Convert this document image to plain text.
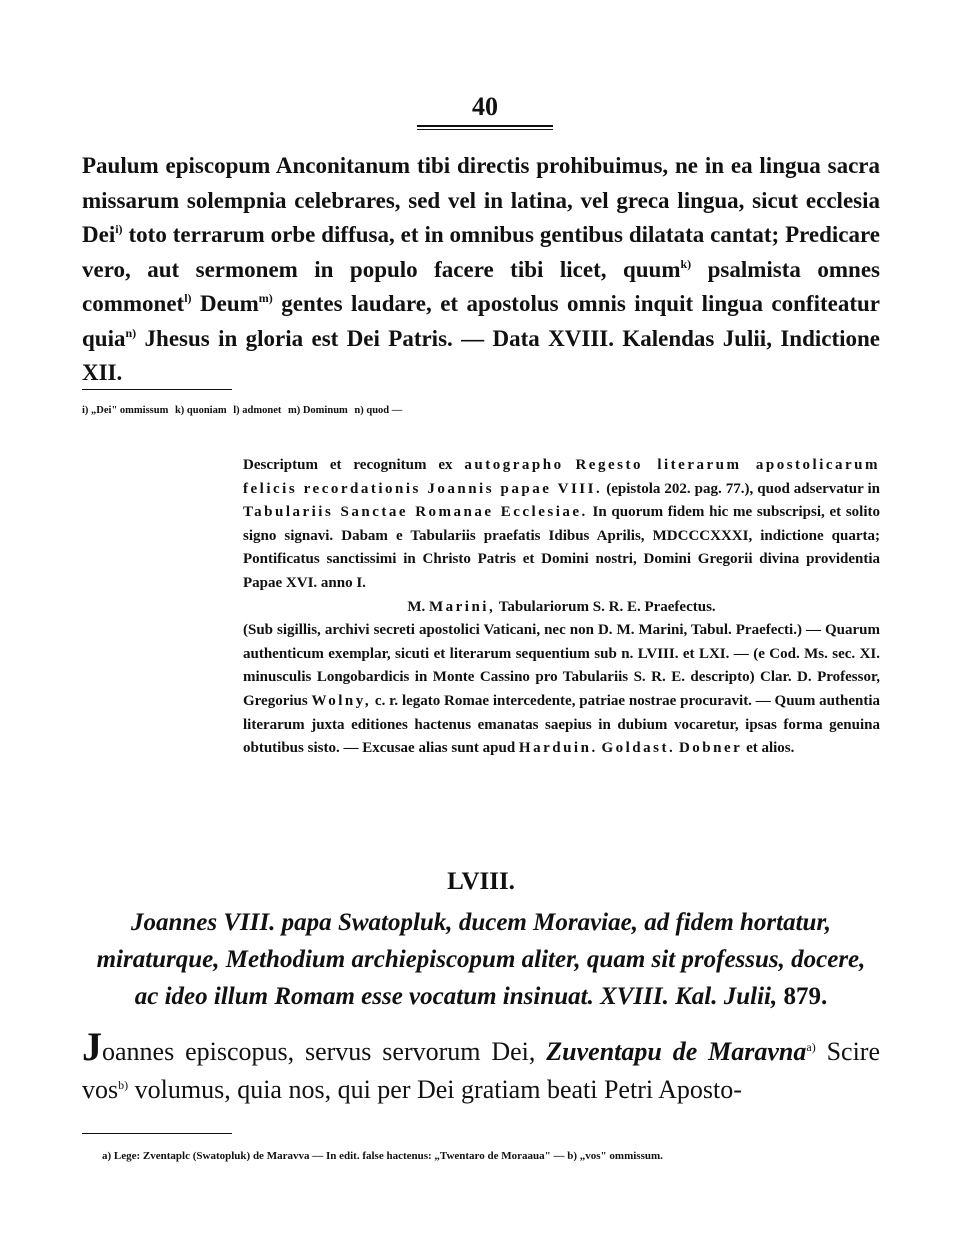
40

Paulum episcopum Anconitanum tibi directis prohibuimus, ne in ea lingua sacra missarum solempnia celebrares, sed vel in latina, vel greca lingua, sicut ecclesia Dei$^{i)}$ toto terrarum orbe diffusa, et in omnibus gentibus dilatata cantat; Predicare vero, aut sermonem in populo facere tibi licet, quum$^{k)}$ psalmista omnes commonet$^{l)}$ Deum$^{m)}$ gentes laudare, et apostolus omnis inquit lingua confiteatur quia$^{n)}$ Jhesus in gloria est Dei Patris. — Data XVIII. Kalendas Julii, Indictione XII.

i) „Dei" ommissum k) quoniam l) admonet m) Dominum n) quod —

Descriptum et recognitum ex autographo Regesto literarum apostolicarum felicis recordationis Joannis papae VIII. (epistola 202. pag. 77.), quod adservatur in Tabulariis Sanctae Romanae Ecclesiae. In quorum fidem hic me subscripsi, et solito signo signavi. Dabam e Tabulariis praefatis Idibus Aprilis, MDCCCXXXI, indictione quarta; Pontificatus sanctissimi in Christo Patris et Domini nostri, Domini Gregorii divina providentia Papae XVI. anno I.

M. Marini, Tabulariorum S. R. E. Praefectus.

(Sub sigillis, archivi secreti apostolici Vaticani, nec non D. M. Marini, Tabul. Praefecti.) — Quarum authenticum exemplar, sicuti et literarum sequentium sub n. LVIII. et LXI. — (e Cod. Ms. sec. XI. minusculis Longobardicis in Monte Cassino pro Tabulariis S. R. E. descripto) Clar. D. Professor, Gregorius Wolny, c. r. legato Romae intercedente, patriae nostrae procuravit. — Quum authentia literarum juxta editiones hactenus emanatas saepius in dubium vocaretur, ipsas forma genuina obtutibus sisto. — Excusae alias sunt apud Harduin. Goldast. Dobner et alios.

LVIII.
Joannes VIII. papa Swatopluk, ducem Moraviae, ad fidem hortatur, miraturque, Methodium archiepiscopum aliter, quam sit professus, docere, ac ideo illum Romam esse vocatum insinuat. XVIII. Kal. Julii, 879.

Joannes episcopus, servus servorum Dei, Zuventapu de Maravna$^{a)}$ Scire vos$^{b)}$ volumus, quia nos, qui per Dei gratiam beati Petri Aposto-

a) Lege: Zventaplc (Swatopluk) de Maravva — In edit. false hactenus: „Twentaro de Moraaua" — b) „vos" ommissum.
